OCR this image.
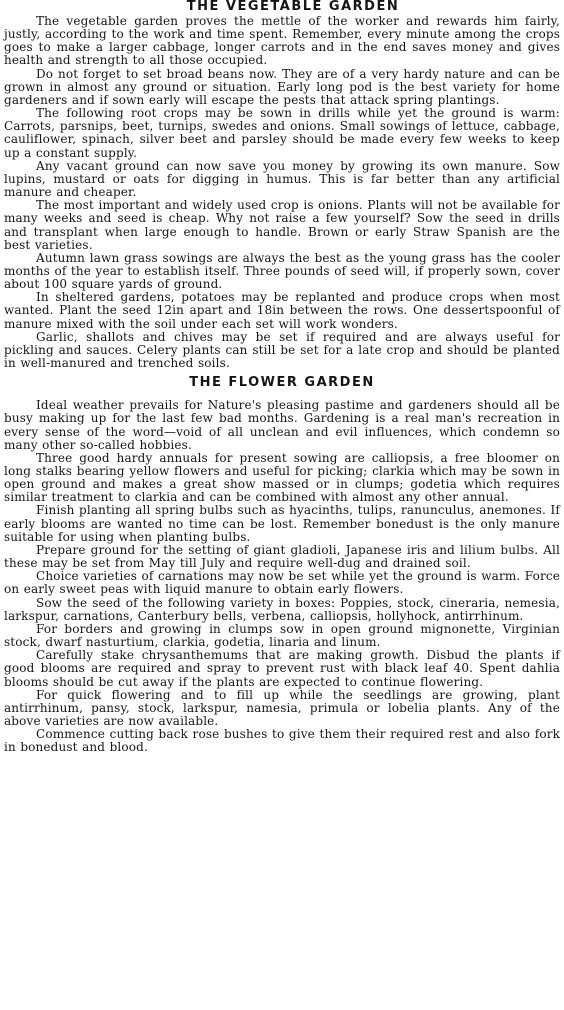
THE VEGETABLE GARDEN

The vegetable garden proves the mettle of the worker and rewards him fairly, justly, according to the work and time spent. Remember, every minute among the crops goes to make a larger cabbage, longer carrots and in the end saves money and gives health and strength to all those occupied.

Do not forget to set broad beans now. They are of a very hardy nature and can be grown in almost any ground or situation. Early long pod is the best variety for home gardeners and if sown early will escape the pests that attack spring plantings.

The following root crops may be sown in drills while yet the ground is warm: Carrots, parsnips, beet, turnips, swedes and onions. Small sowings of lettuce, cabbage, cauliflower, spinach, silver beet and parsley should be made every few weeks to keep up a constant supply.

Any vacant ground can now save you money by growing its own manure. Sow lupins, mustard or oats for digging in humus. This is far better than any artificial manure and cheaper.

The most important and widely used crop is onions. Plants will not be available for many weeks and seed is cheap. Why not raise a few yourself? Sow the seed in drills and transplant when large enough to handle. Brown or early Straw Spanish are the best varieties.

Autumn lawn grass sowings are always the best as the young grass has the cooler months of the year to establish itself. Three pounds of seed will, if properly sown, cover about 100 square yards of ground.

In sheltered gardens, potatoes may be replanted and produce crops when most wanted. Plant the seed 12in apart and 18in between the rows. One dessertspoonful of manure mixed with the soil under each set will work wonders.

Garlic, shallots and chives may be set if required and are always useful for pickling and sauces. Celery plants can still be set for a late crop and should be planted in well-manured and trenched soils.

THE FLOWER GARDEN

Ideal weather prevails for Nature's pleasing pastime and gardeners should all be busy making up for the last few bad months. Gardening is a real man's recreation in every sense of the word—void of all unclean and evil influences, which condemn so many other so-called hobbies.

Three good hardy annuals for present sowing are calliopsis, a free bloomer on long stalks bearing yellow flowers and useful for picking; clarkia which may be sown in open ground and makes a great show massed or in clumps; godetia which requires similar treatment to clarkia and can be combined with almost any other annual.

Finish planting all spring bulbs such as hyacinths, tulips, ranunculus, anemones. If early blooms are wanted no time can be lost. Remember bonedust is the only manure suitable for using when planting bulbs.

Prepare ground for the setting of giant gladioli, Japanese iris and lilium bulbs. All these may be set from May till July and require well-dug and drained soil.

Choice varieties of carnations may now be set while yet the ground is warm. Force on early sweet peas with liquid manure to obtain early flowers.

Sow the seed of the following variety in boxes: Poppies, stock, cineraria, nemesia, larkspur, carnations, Canterbury bells, verbena, calliopsis, hollyhock, antirrhinum.

For borders and growing in clumps sow in open ground mignonette, Virginian stock, dwarf nasturtium, clarkia, godetia, linaria and linum.

Carefully stake chrysanthemums that are making growth. Disbud the plants if good blooms are required and spray to prevent rust with black leaf 40. Spent dahlia blooms should be cut away if the plants are expected to continue flowering.

For quick flowering and to fill up while the seedlings are growing, plant antirrhinum, pansy, stock, larkspur, namesia, primula or lobelia plants. Any of the above varieties are now available.

Commence cutting back rose bushes to give them their required rest and also fork in bonedust and blood.
